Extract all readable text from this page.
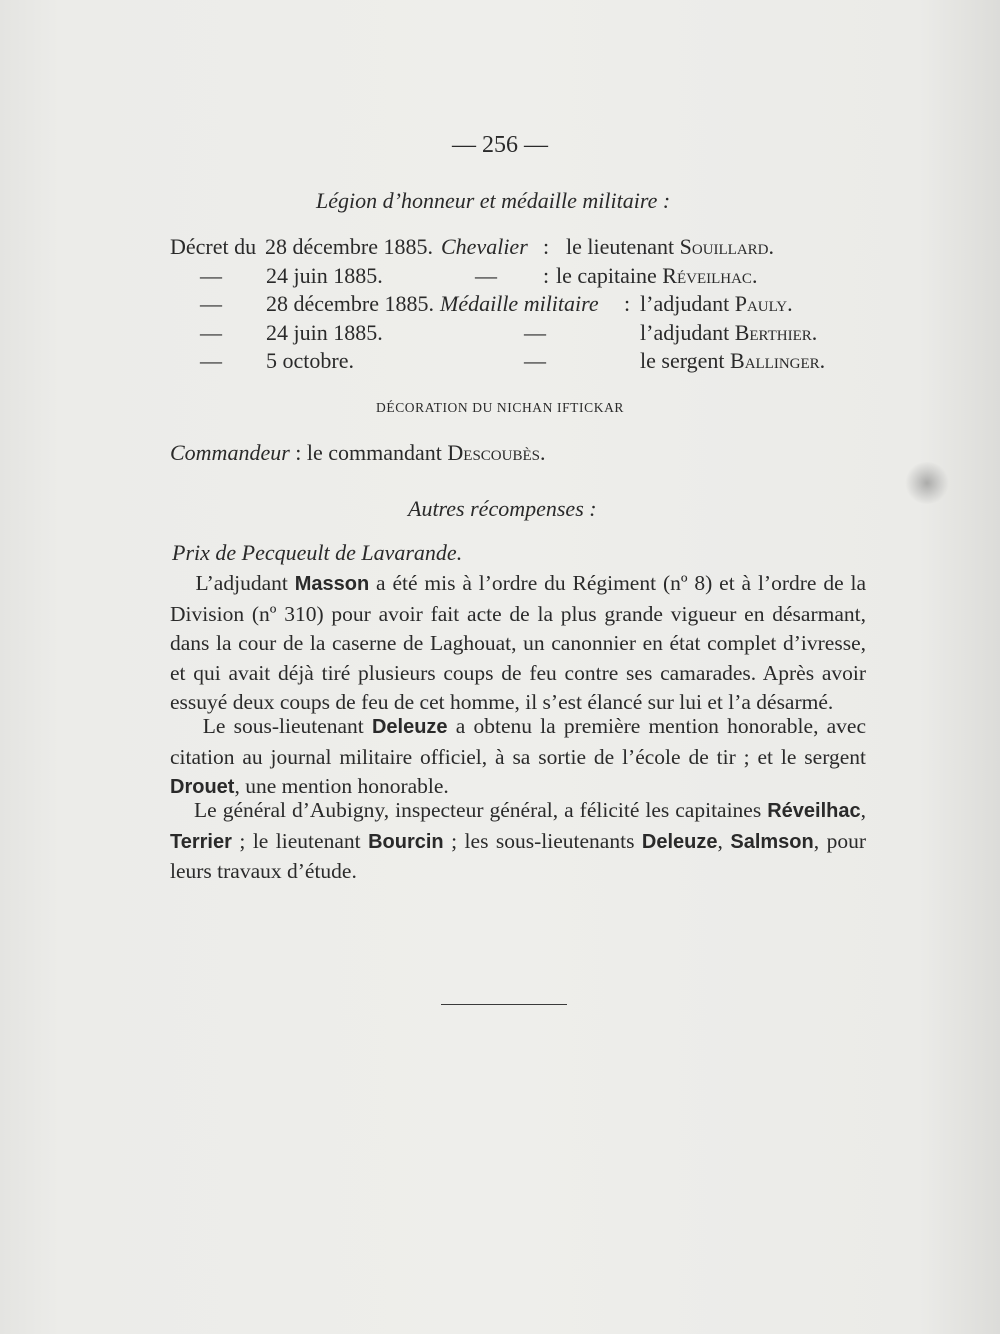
— 256 —
Légion d’honneur et médaille militaire :
Décret du 28 décembre 1885. Chevalier : le lieutenant Souillard.
— 24 juin 1885.	— : le capitaine Réveilhac.
— 28 décembre 1885. Médaille militaire : l’adjudant Pauly.
— 24 juin 1885.	—	l’adjudant Berthier.
— 5 octobre.	—	le sergent Ballinger.
DÉCORATION DU NICHAN IFTICKAR
Commandeur : le commandant Descoubès.
Autres récompenses :
Prix de Pecqueult de Lavarande.
L’adjudant Masson a été mis à l’ordre du Régiment (nº 8) et à l’ordre de la Division (nº 310) pour avoir fait acte de la plus grande vigueur en désarmant, dans la cour de la caserne de Laghouat, un canonnier en état complet d’ivresse, et qui avait déjà tiré plusieurs coups de feu contre ses camarades. Après avoir essuyé deux coups de feu de cet homme, il s’est élancé sur lui et l’a désarmé.
Le sous-lieutenant Deleuze a obtenu la première mention honorable, avec citation au journal militaire officiel, à sa sortie de l’école de tir ; et le sergent Drouet, une mention honorable.
Le général d’Aubigny, inspecteur général, a félicité les capitaines Réveilhac, Terrier ; le lieutenant Bourcin ; les sous-lieutenants Deleuze, Salmson, pour leurs travaux d’étude.
